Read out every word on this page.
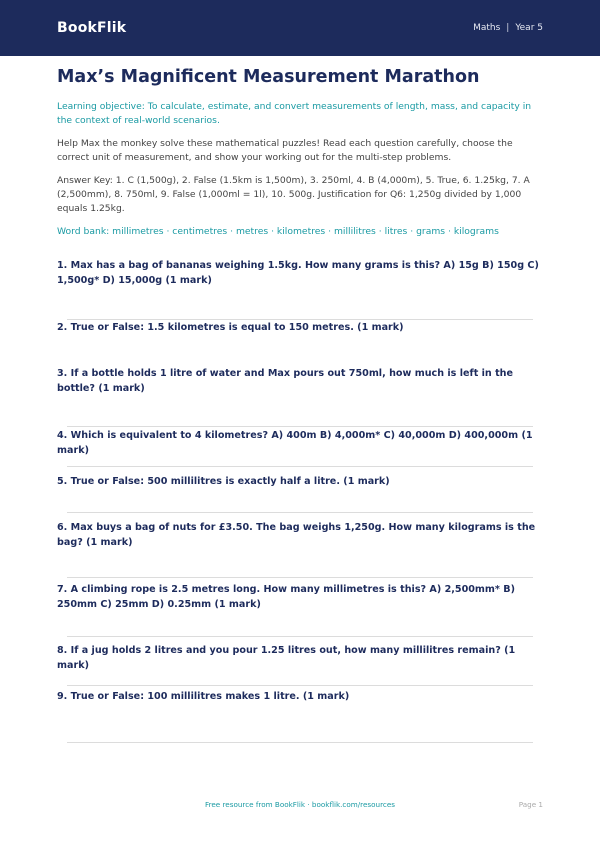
BookFlik	Maths | Year 5
Max’s Magnificent Measurement Marathon

Learning objective: To calculate, estimate, and convert measurements of length, mass, and capacity in the context of real-world scenarios.

Help Max the monkey solve these mathematical puzzles! Read each question carefully, choose the correct unit of measurement, and show your working out for the multi-step problems.

Answer Key: 1. C (1,500g), 2. False (1.5km is 1,500m), 3. 250ml, 4. B (4,000m), 5. True, 6. 1.25kg, 7. A (2,500mm), 8. 750ml, 9. False (1,000ml = 1l), 10. 500g. Justification for Q6: 1,250g divided by 1,000 equals 1.25kg.

Word bank: millimetres · centimetres · metres · kilometres · millilitres · litres · grams · kilograms

1. Max has a bag of bananas weighing 1.5kg. How many grams is this? A) 15g B) 150g C) 1,500g* D) 15,000g (1 mark)

2. True or False: 1.5 kilometres is equal to 150 metres. (1 mark)

3. If a bottle holds 1 litre of water and Max pours out 750ml, how much is left in the bottle? (1 mark)

4. Which is equivalent to 4 kilometres? A) 400m B) 4,000m* C) 40,000m D) 400,000m (1 mark)

5. True or False: 500 millilitres is exactly half a litre. (1 mark)

6. Max buys a bag of nuts for £3.50. The bag weighs 1,250g. How many kilograms is the bag? (1 mark)

7. A climbing rope is 2.5 metres long. How many millimetres is this? A) 2,500mm* B) 250mm C) 25mm D) 0.25mm (1 mark)

8. If a jug holds 2 litres and you pour 1.25 litres out, how many millilitres remain? (1 mark)

9. True or False: 100 millilitres makes 1 litre. (1 mark)

Free resource from BookFlik · bookflik.com/resources	Page 1
